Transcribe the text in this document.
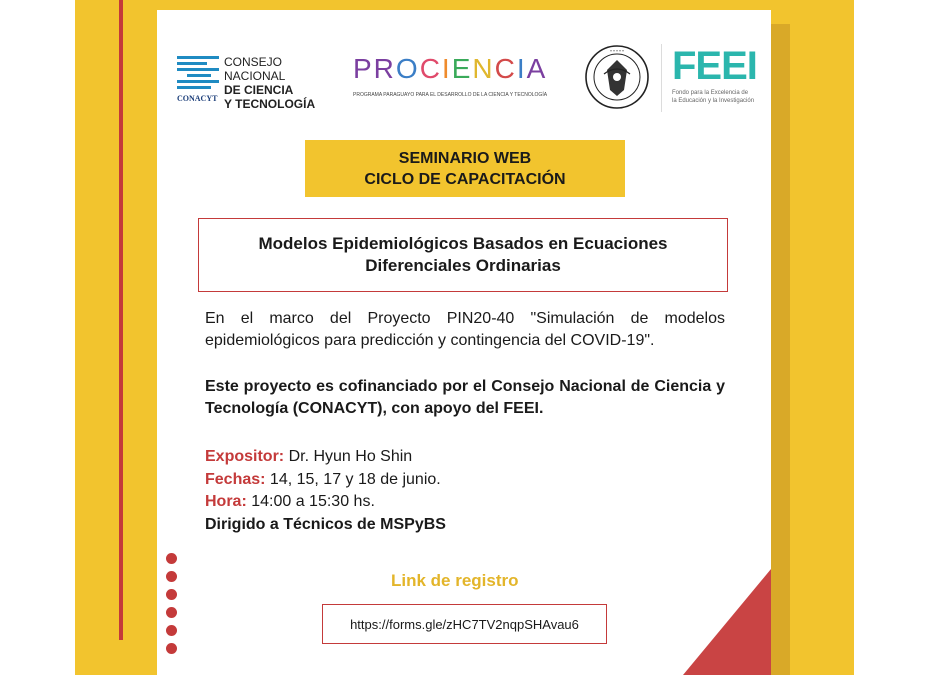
CONACYT
CONSEJO NACIONAL
DE CIENCIA
Y TECNOLOGÍA
PROCIENCIA
PROGRAMA PARAGUAYO PARA EL DESARROLLO DE LA CIENCIA Y TECNOLOGÍA
* * * * * FEEI
Fondo para la Excelencia de
la Educación y la Investigación
SEMINARIO WEB
CICLO DE CAPACITACIÓN
Modelos Epidemiológicos Basados en Ecuaciones Diferenciales Ordinarias
En el marco del Proyecto PIN20-40 "Simulación de modelos epidemiológicos para predicción y contingencia del COVID-19".
Este proyecto es cofinanciado por el Consejo Nacional de Ciencia y Tecnología (CONACYT), con apoyo del FEEI.
Expositor: Dr. Hyun Ho Shin
Fechas: 14, 15, 17 y 18 de junio.
Hora: 14:00 a 15:30 hs.
Dirigido a Técnicos de MSPyBS
Link de registro
https://forms.gle/zHC7TV2nqpSHAvau6
